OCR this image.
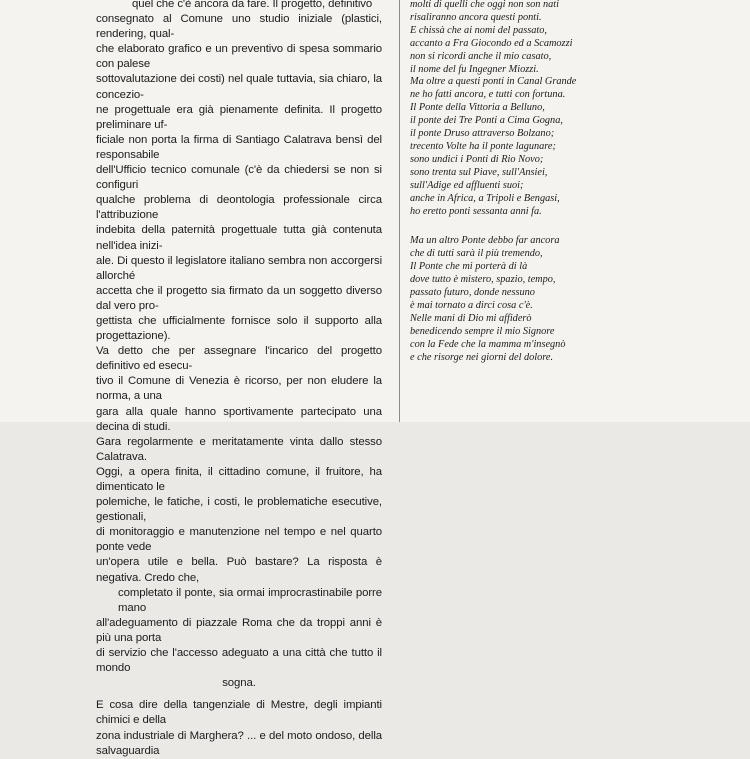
quel che c'è ancora da fare. Il progetto, definitivo

consegnato al Comune uno studio iniziale (plastici, rendering, qual-

che elaborato grafico e un preventivo di spesa sommario con palese

sottovalutazione dei costi) nel quale tuttavia, sia chiaro, la concezio-

ne progettuale era già pienamente definita. Il progetto preliminare uf-

ficiale non porta la firma di Santiago Calatrava bensì del responsabile

dell'Ufficio tecnico comunale (c'è da chiedersi se non si configuri

qualche problema di deontologia professionale circa l'attribuzione

indebita della paternità progettuale tutta già contenuta nell'idea inizi-

ale. Di questo il legislatore italiano sembra non accorgersi allorché

accetta che il progetto sia firmato da un soggetto diverso dal vero pro-

gettista che ufficialmente fornisce solo il supporto alla progettazione).

Va detto che per assegnare l'incarico del progetto definitivo ed esecu-

tivo il Comune di Venezia è ricorso, per non eludere la norma, a una

gara alla quale hanno sportivamente partecipato una decina di studi.

Gara regolarmente e meritatamente vinta dallo stesso Calatrava.

Oggi, a opera finita, il cittadino comune, il fruitore, ha dimenticato le

polemiche, le fatiche, i costi, le problematiche esecutive, gestionali,

di monitoraggio e manutenzione nel tempo e nel quarto ponte vede

un'opera utile e bella. Può bastare? La risposta è negativa. Credo che,

completato il ponte, sia ormai improcrastinabile porre mano

all'adeguamento di piazzale Roma che da troppi anni è più una porta

di servizio che l'accesso adeguato a una città che tutto il mondo

sogna.

E cosa dire della tangenziale di Mestre, degli impianti chimici e della

zona industriale di Marghera? ... e del moto ondoso, della salvaguardia

molti di quelli che oggi non son nati
risaliranno ancora questi ponti.
E chissà che ai nomi del passato,
accanto a Fra Giocondo ed a Scamozzi
non si ricordi anche il mio casato,
il nome del fu Ingegner Miozzi.
Ma oltre a questi ponti in Canal Grande
ne ho fatti ancora, e tutti con fortuna.
Il Ponte della Vittoria a Belluno,
il ponte dei Tre Ponti a Cima Gogna,
il ponte Druso attraverso Bolzano;
trecento Volte ha il ponte lagunare;
sono undici i Ponti di Rio Novo;
sono trenta sul Piave, sull'Ansiei,
sull'Adige ed affluenti suoi;
anche in Africa, a Tripoli e Bengasi,
ho eretto ponti sessanta anni fa.
Ma un altro Ponte debbo far ancora
che di tutti sarà il più tremendo,
Il Ponte che mi porterà di là
dove tutto è mistero, spazio, tempo,
passato futuro, donde nessuno
è mai tornato a dirci cosa c'è.
Nelle mani di Dio mi affiderò
benedicendo sempre il mio Signore
con la Fede che la mamma m'insegnò
e che risorge nei giorni del dolore.
